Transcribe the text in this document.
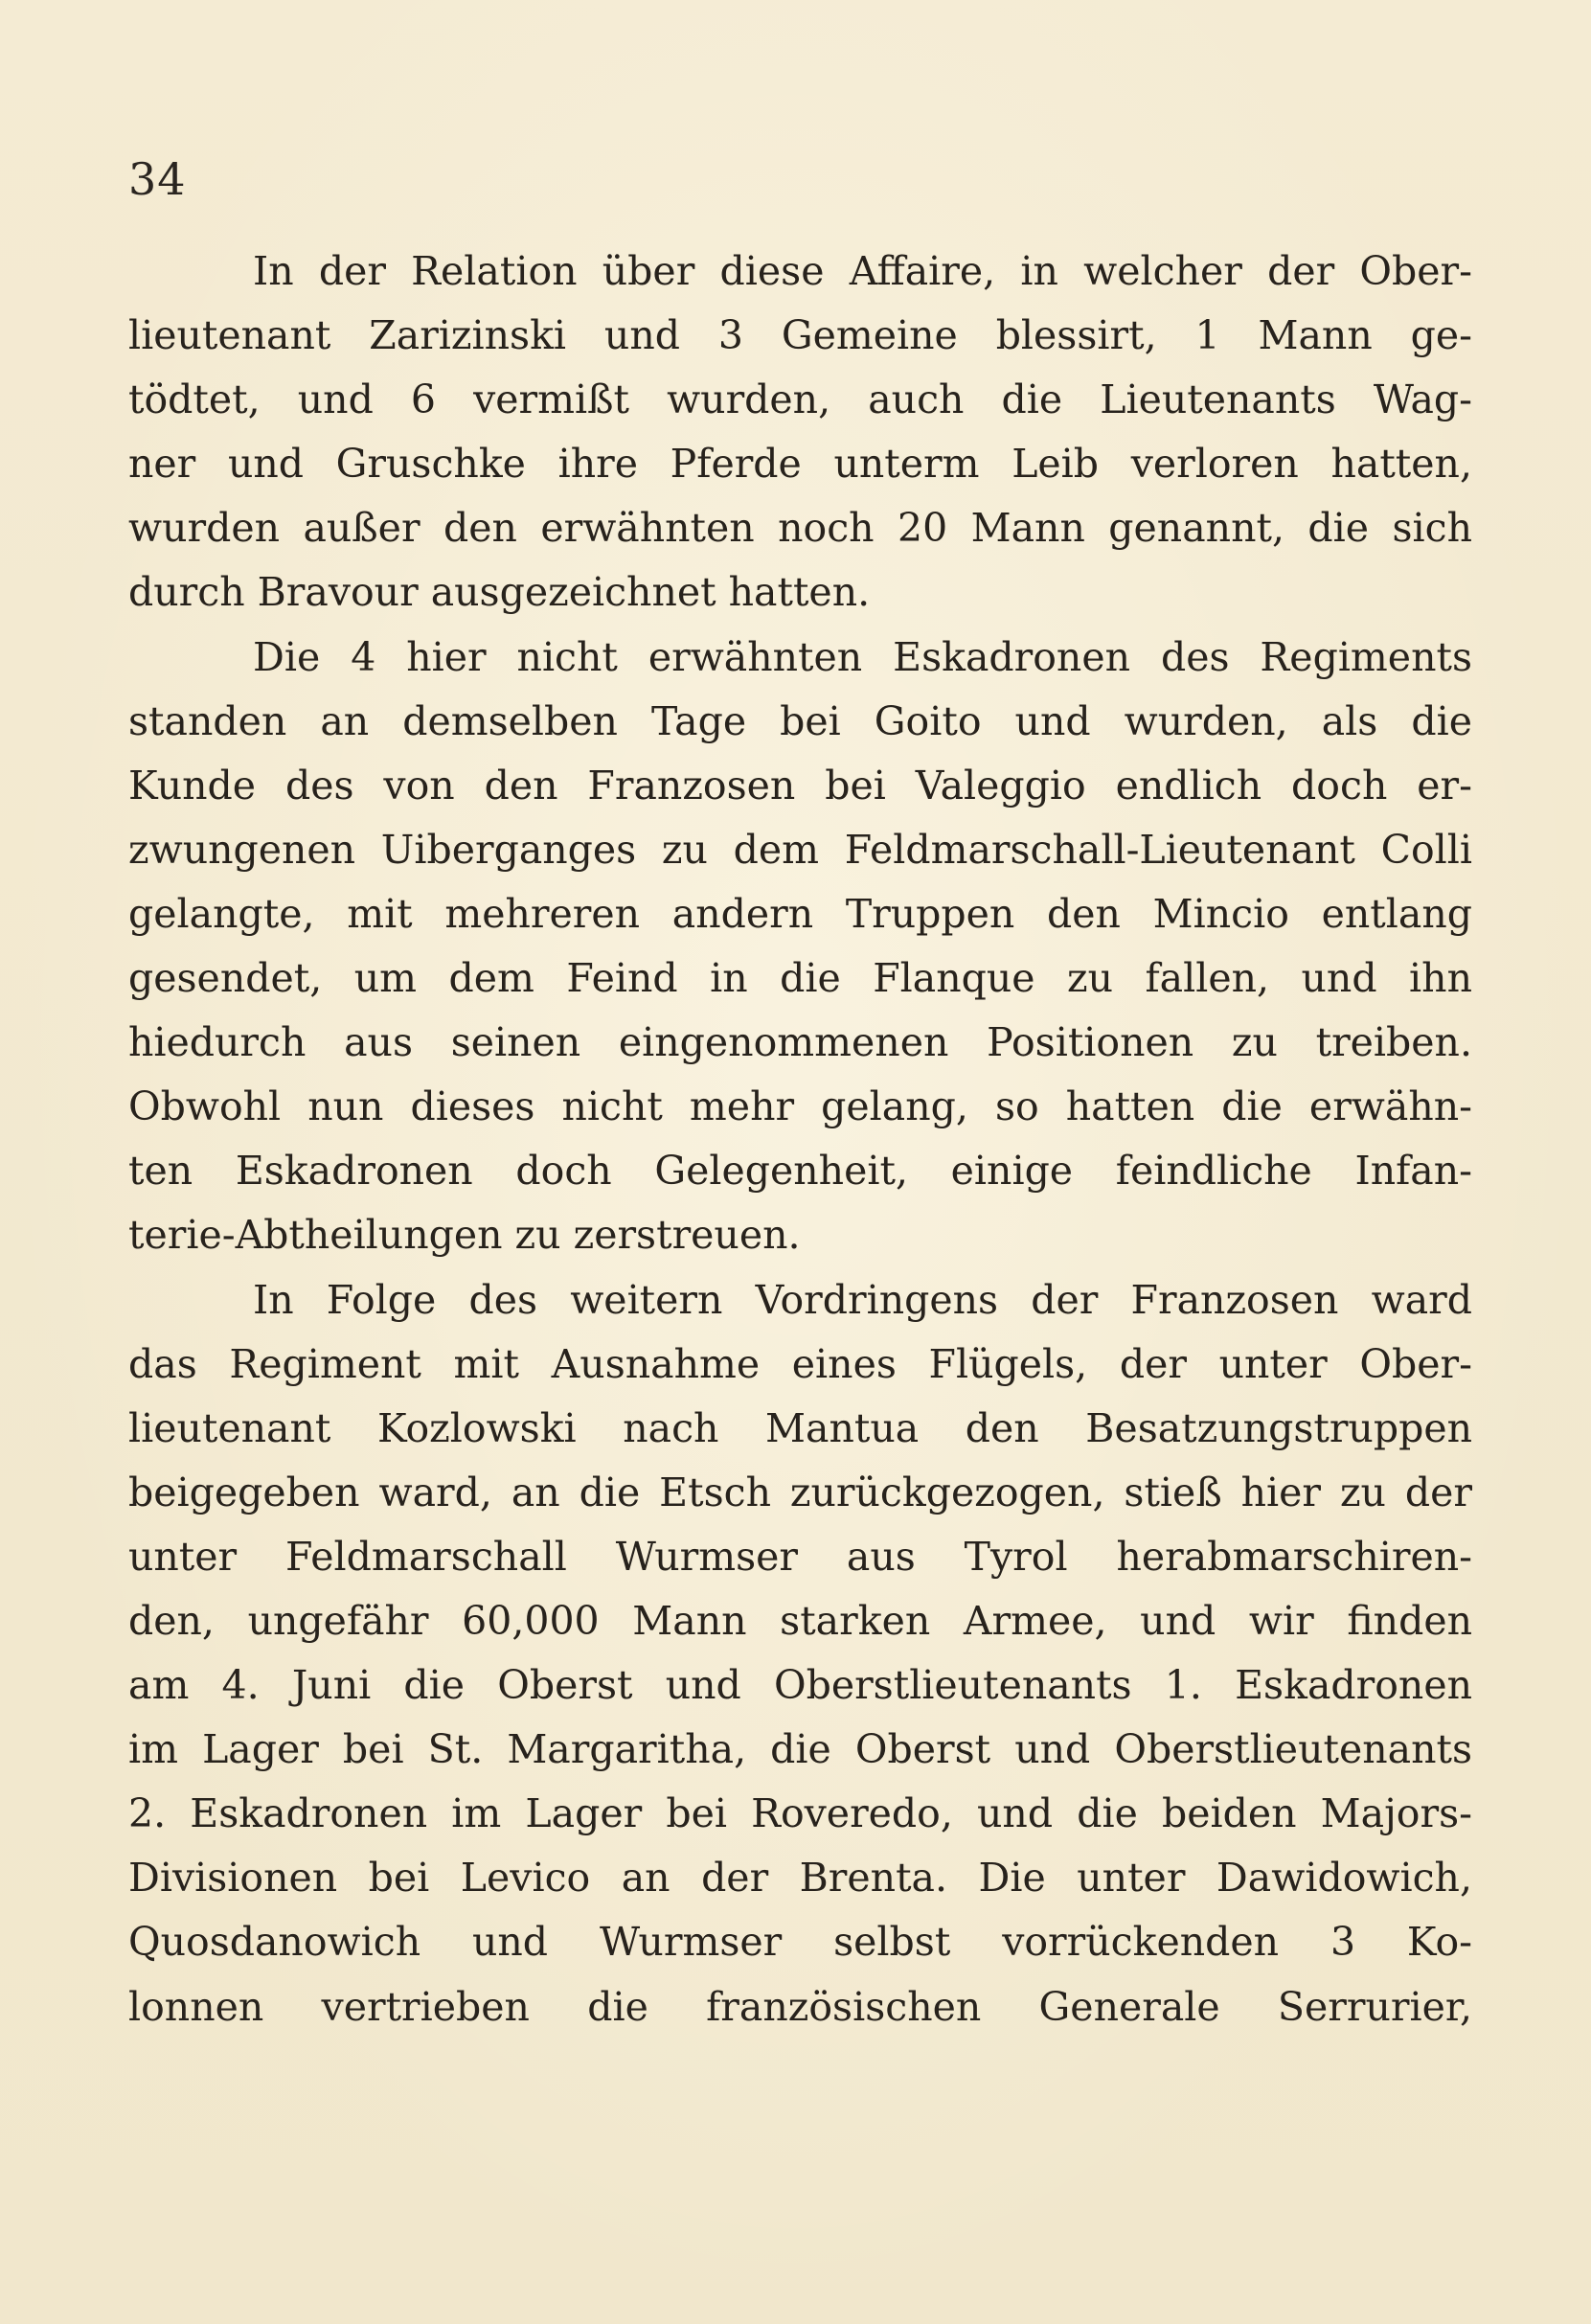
34
In der Relation über diese Affaire, in welcher der Ober-
lieutenant Zarizinski und 3 Gemeine blessirt, 1 Mann ge-
tödtet, und 6 vermißt wurden, auch die Lieutenants Wag-
ner und Gruschke ihre Pferde unterm Leib verloren hatten,
wurden außer den erwähnten noch 20 Mann genannt, die sich
durch Bravour ausgezeichnet hatten.
Die 4 hier nicht erwähnten Eskadronen des Regiments
standen an demselben Tage bei Goito und wurden, als die
Kunde des von den Franzosen bei Valeggio endlich doch er-
zwungenen Uiberganges zu dem Feldmarschall-Lieutenant Colli
gelangte, mit mehreren andern Truppen den Mincio entlang
gesendet, um dem Feind in die Flanque zu fallen, und ihn
hiedurch aus seinen eingenommenen Positionen zu treiben.
Obwohl nun dieses nicht mehr gelang, so hatten die erwähn-
ten Eskadronen doch Gelegenheit, einige feindliche Infan-
terie-Abtheilungen zu zerstreuen.
In Folge des weitern Vordringens der Franzosen ward
das Regiment mit Ausnahme eines Flügels, der unter Ober-
lieutenant Kozlowski nach Mantua den Besatzungstruppen
beigegeben ward, an die Etsch zurückgezogen, stieß hier zu der
unter Feldmarschall Wurmser aus Tyrol herabmarschiren-
den, ungefähr 60,000 Mann starken Armee, und wir finden
am 4. Juni die Oberst und Oberstlieutenants 1. Eskadronen
im Lager bei St. Margaritha, die Oberst und Oberstlieutenants
2. Eskadronen im Lager bei Roveredo, und die beiden Majors-
Divisionen bei Levico an der Brenta. Die unter Dawidowich,
Quosdanowich und Wurmser selbst vorrückenden 3 Ko-
lonnen vertrieben die französischen Generale Serrurier,
